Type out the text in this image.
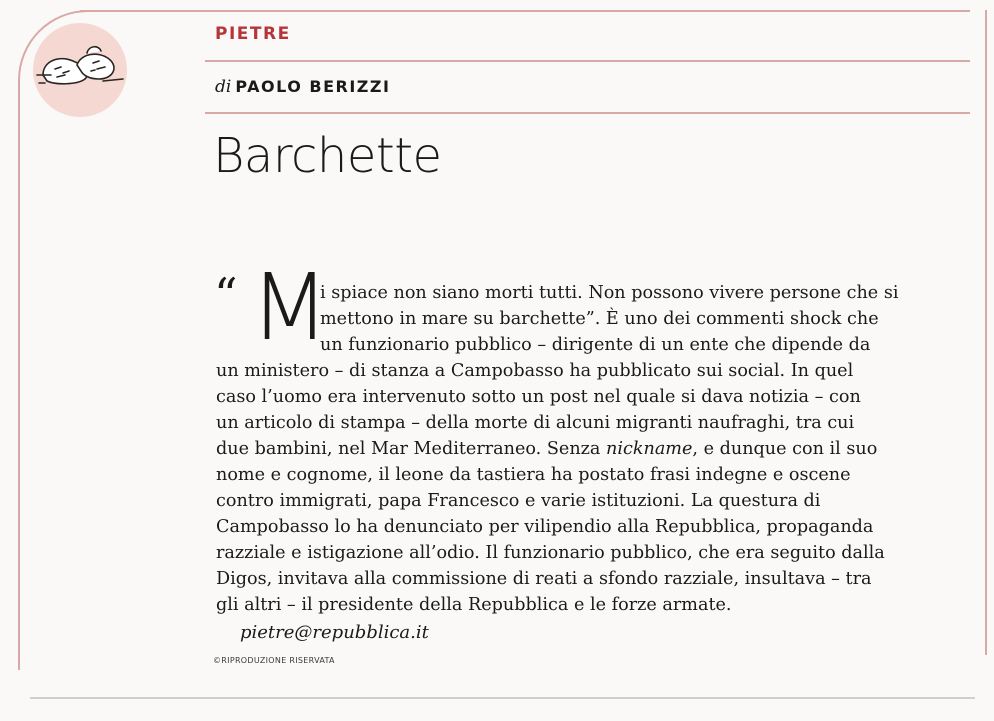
PIETRE
di PAOLO BERIZZI
Barchette
“ M
i spiace non siano morti tutti. Non possono vivere persone che si
mettono in mare su barchette”. È uno dei commenti shock che
un funzionario pubblico – dirigente di un ente che dipende da
un ministero – di stanza a Campobasso ha pubblicato sui social. In quel
caso l’uomo era intervenuto sotto un post nel quale si dava notizia – con
un articolo di stampa – della morte di alcuni migranti naufraghi, tra cui
due bambini, nel Mar Mediterraneo. Senza nickname, e dunque con il suo
nome e cognome, il leone da tastiera ha postato frasi indegne e oscene
contro immigrati, papa Francesco e varie istituzioni. La questura di
Campobasso lo ha denunciato per vilipendio alla Repubblica, propaganda
razziale e istigazione all’odio. Il funzionario pubblico, che era seguito dalla
Digos, invitava alla commissione di reati a sfondo razziale, insultava – tra
gli altri – il presidente della Repubblica e le forze armate.
pietre@repubblica.it
©RIPRODUZIONE RISERVATA
